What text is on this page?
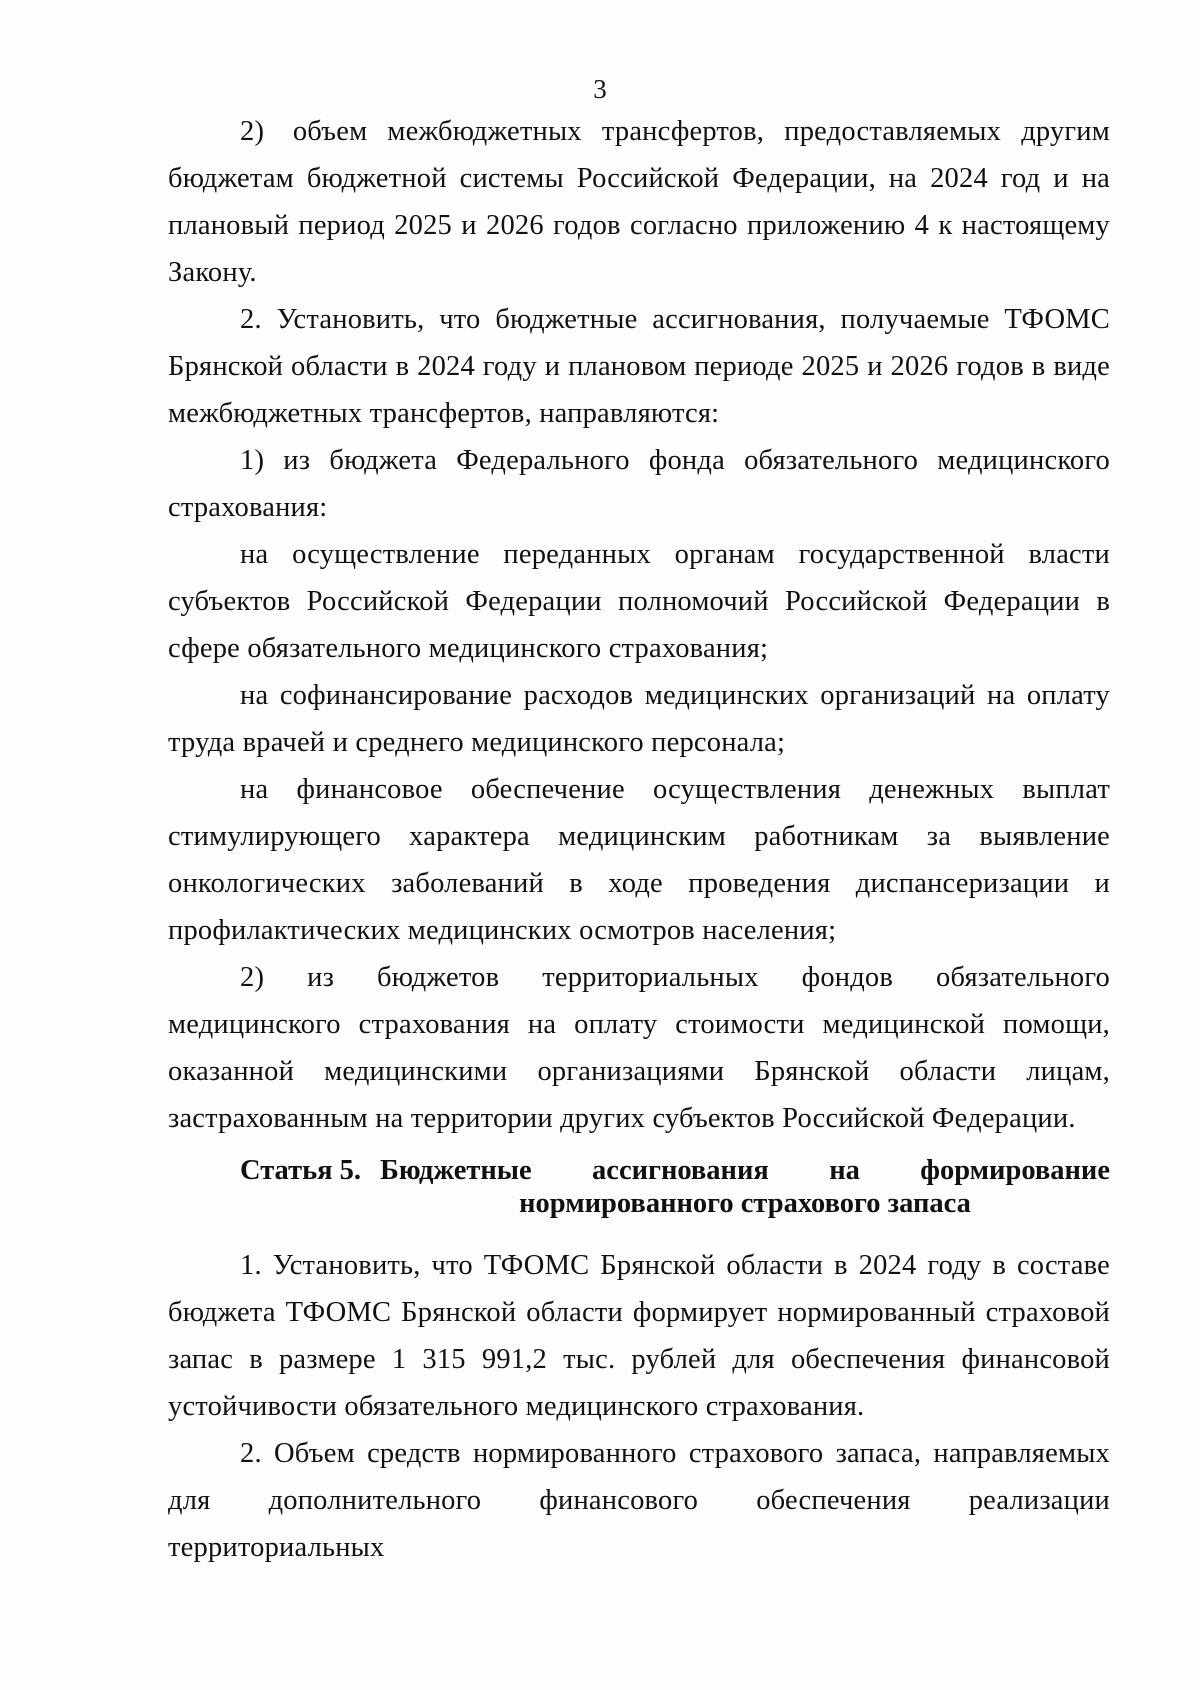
3

2) объем межбюджетных трансфертов, предоставляемых другим бюджетам бюджетной системы Российской Федерации, на 2024 год и на плановый период 2025 и 2026 годов согласно приложению 4 к настоящему Закону.

2. Установить, что бюджетные ассигнования, получаемые ТФОМС Брянской области в 2024 году и плановом периоде 2025 и 2026 годов в виде межбюджетных трансфертов, направляются:

1) из бюджета Федерального фонда обязательного медицинского страхования:

на осуществление переданных органам государственной власти субъектов Российской Федерации полномочий Российской Федерации в сфере обязательного медицинского страхования;

на софинансирование расходов медицинских организаций на оплату труда врачей и среднего медицинского персонала;

на финансовое обеспечение осуществления денежных выплат стимулирующего характера медицинским работникам за выявление онкологических заболеваний в ходе проведения диспансеризации и профилактических медицинских осмотров населения;

2) из бюджетов территориальных фондов обязательного медицинского страхования на оплату стоимости медицинской помощи, оказанной медицинскими организациями Брянской области лицам, застрахованным на территории других субъектов Российской Федерации.

Статья 5. Бюджетные ассигнования на формирование
нормированного страхового запаса

1. Установить, что ТФОМС Брянской области в 2024 году в составе бюджета ТФОМС Брянской области формирует нормированный страховой запас в размере 1 315 991,2 тыс. рублей для обеспечения финансовой устойчивости обязательного медицинского страхования.

2. Объем средств нормированного страхового запаса, направляемых для дополнительного финансового обеспечения реализации территориальных
